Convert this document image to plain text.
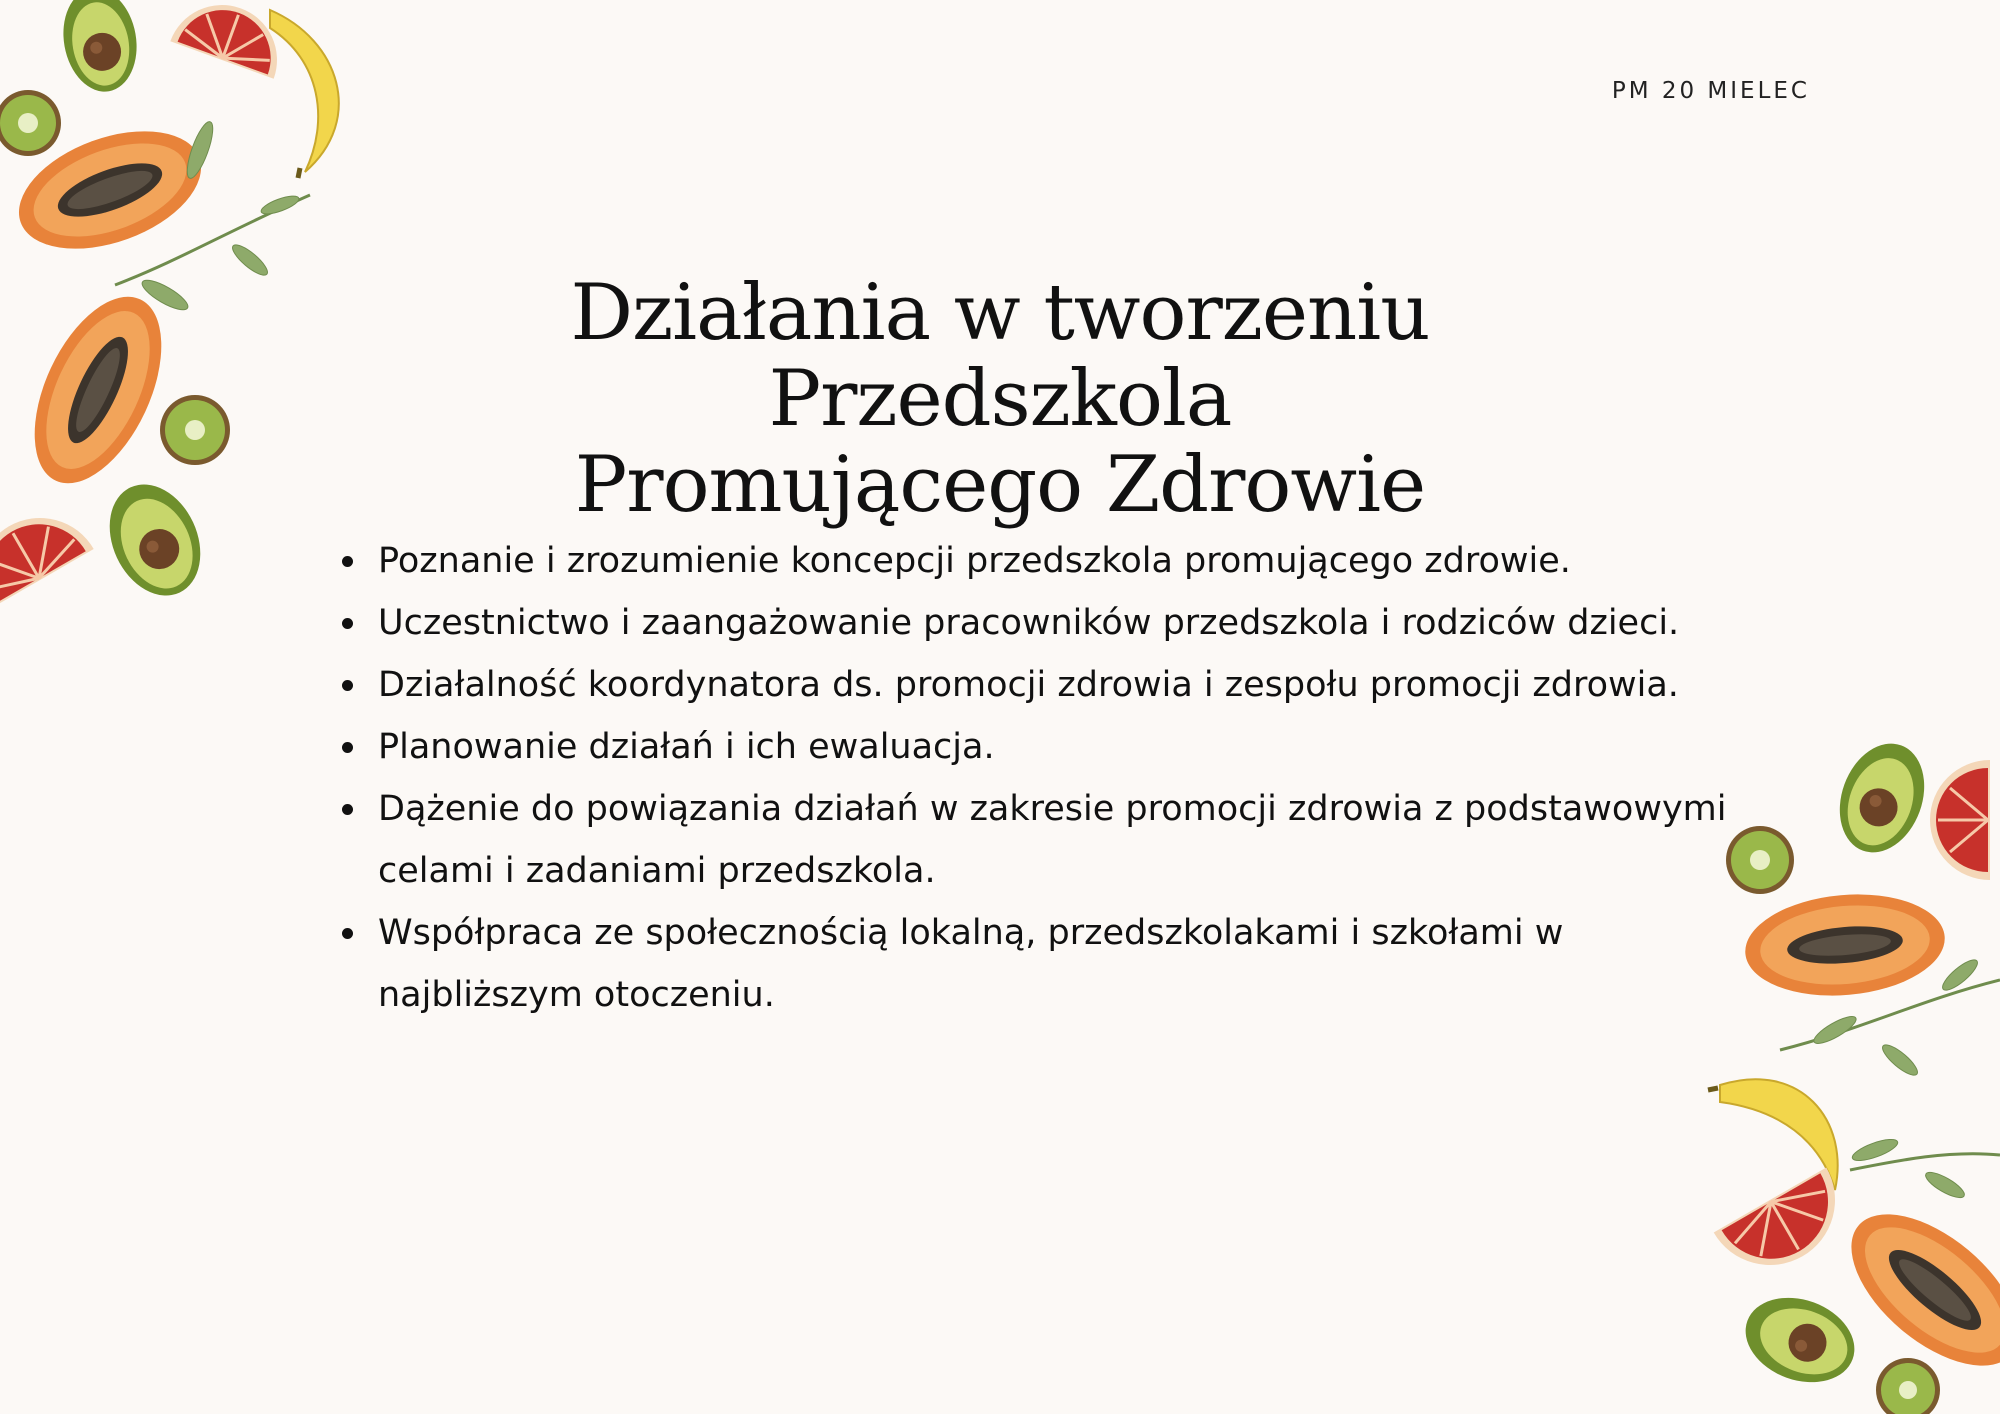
PM 20 MIELEC
Działania w tworzeniu Przedszkola
Promującego Zdrowie
Poznanie i zrozumienie koncepcji przedszkola promującego zdrowie.
Uczestnictwo i zaangażowanie pracowników przedszkola i rodziców dzieci.
Działalność koordynatora ds. promocji zdrowia i zespołu promocji zdrowia.
Planowanie działań i ich ewaluacja.
Dążenie do powiązania działań w zakresie promocji zdrowia z podstawowymi celami i zadaniami przedszkola.
Współpraca ze społecznością lokalną, przedszkolakami i szkołami w najbliższym otoczeniu.
